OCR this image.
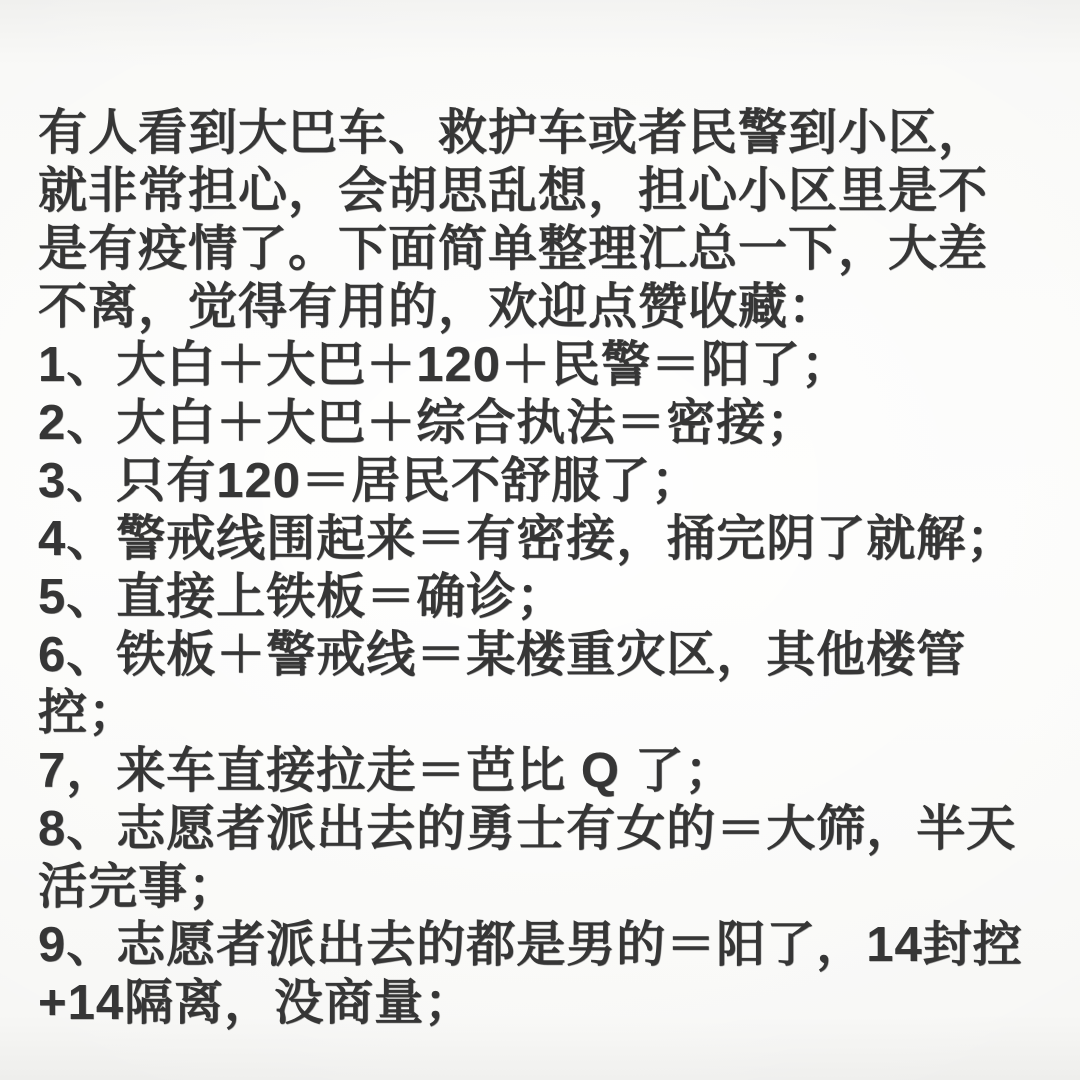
有人看到大巴车、救护车或者民警到小区，
就非常担心，会胡思乱想，担心小区里是不
是有疫情了。下面简单整理汇总一下，大差
不离，觉得有用的，欢迎点赞收藏：
1、大白＋大巴＋120＋民警＝阳了；
2、大白＋大巴＋综合执法＝密接；
3、只有120＝居民不舒服了；
4、警戒线围起来＝有密接，捅完阴了就解；
5、直接上铁板＝确诊；
6、铁板＋警戒线＝某楼重灾区，其他楼管
控；
7，来车直接拉走＝芭比 Q 了；
8、志愿者派出去的勇士有女的＝大筛，半天
活完事；
9、志愿者派出去的都是男的＝阳了，14封控
+14隔离，没商量；
